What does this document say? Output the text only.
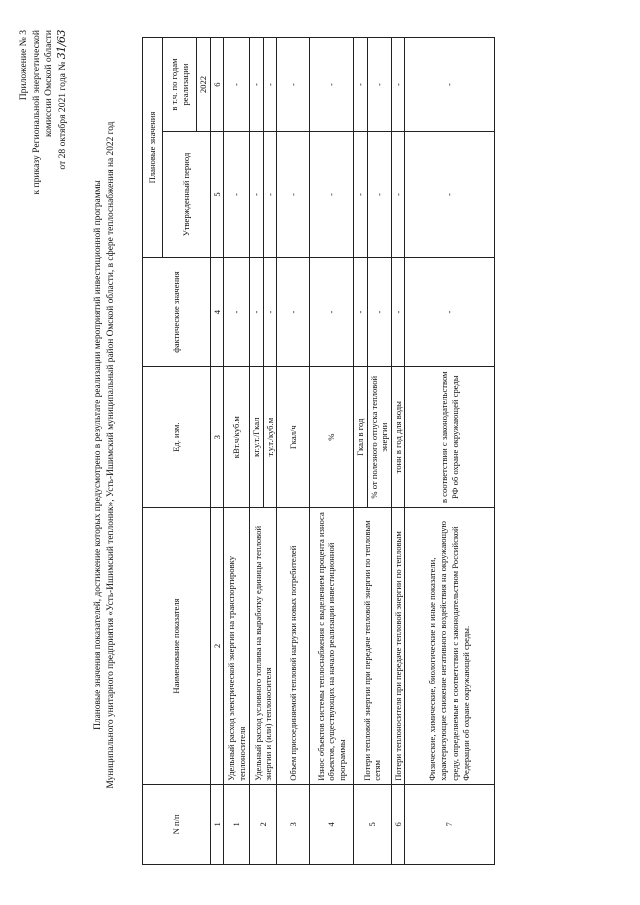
Приложение № 3 к приказу Региональной энергетической комиссии Омской области от 28 октября 2021 года № 31/63
Плановые значения показателей, достижение которых предусмотрено в результате реализации мероприятий инвестиционной программы Муниципального унитарного предприятия «Усть-Ишимский теплоник», Усть-Ишимский муниципальный район Омской области, в сфере теплоснабжения на 2022 год
N п/п	Наименование показателя	Ед. изм.	фактические значения	Плановые значения	
				Утвержденный период	в т.ч. по годам реализации
					2022
1	2	3	4	5	6
1	Удельный расход электрической энергии на транспортировку теплоносителя	кВт.ч/куб.м	-	-	-
2	Удельный расход условного топлива на выработку единицы тепловой энергии и (или) теплоносителя	кг.у.т./Гкал	-	-	-
		т.у.т./куб.м	-	-	-
3	Объем присоединяемой тепловой нагрузки новых потребителей	Гкал/ч	-	-	-
4	Износ объектов системы теплоснабжения с выделением процента износа объектов, существующих на начало реализации инвестиционной программы	%	-	-	-
5	Потери тепловой энергии при передаче тепловой энергии по тепловым сетям	Гкал в год	-	-	-
		% от полезного отпуска тепловой энергии	-	-	-
6	Потери теплоносителя при передаче тепловой энергии по тепловым	тонн в год для воды	-	-	-
7	Физические, химические, биологические и иные показатели, характеризующие снижение негативного воздействия на окружающую среду, определяемые в соответствии с законодательством Российской Федерации об охране окружающей среды.	в соответствии с законодательством РФ об охране окружающей среды	-	-	-
